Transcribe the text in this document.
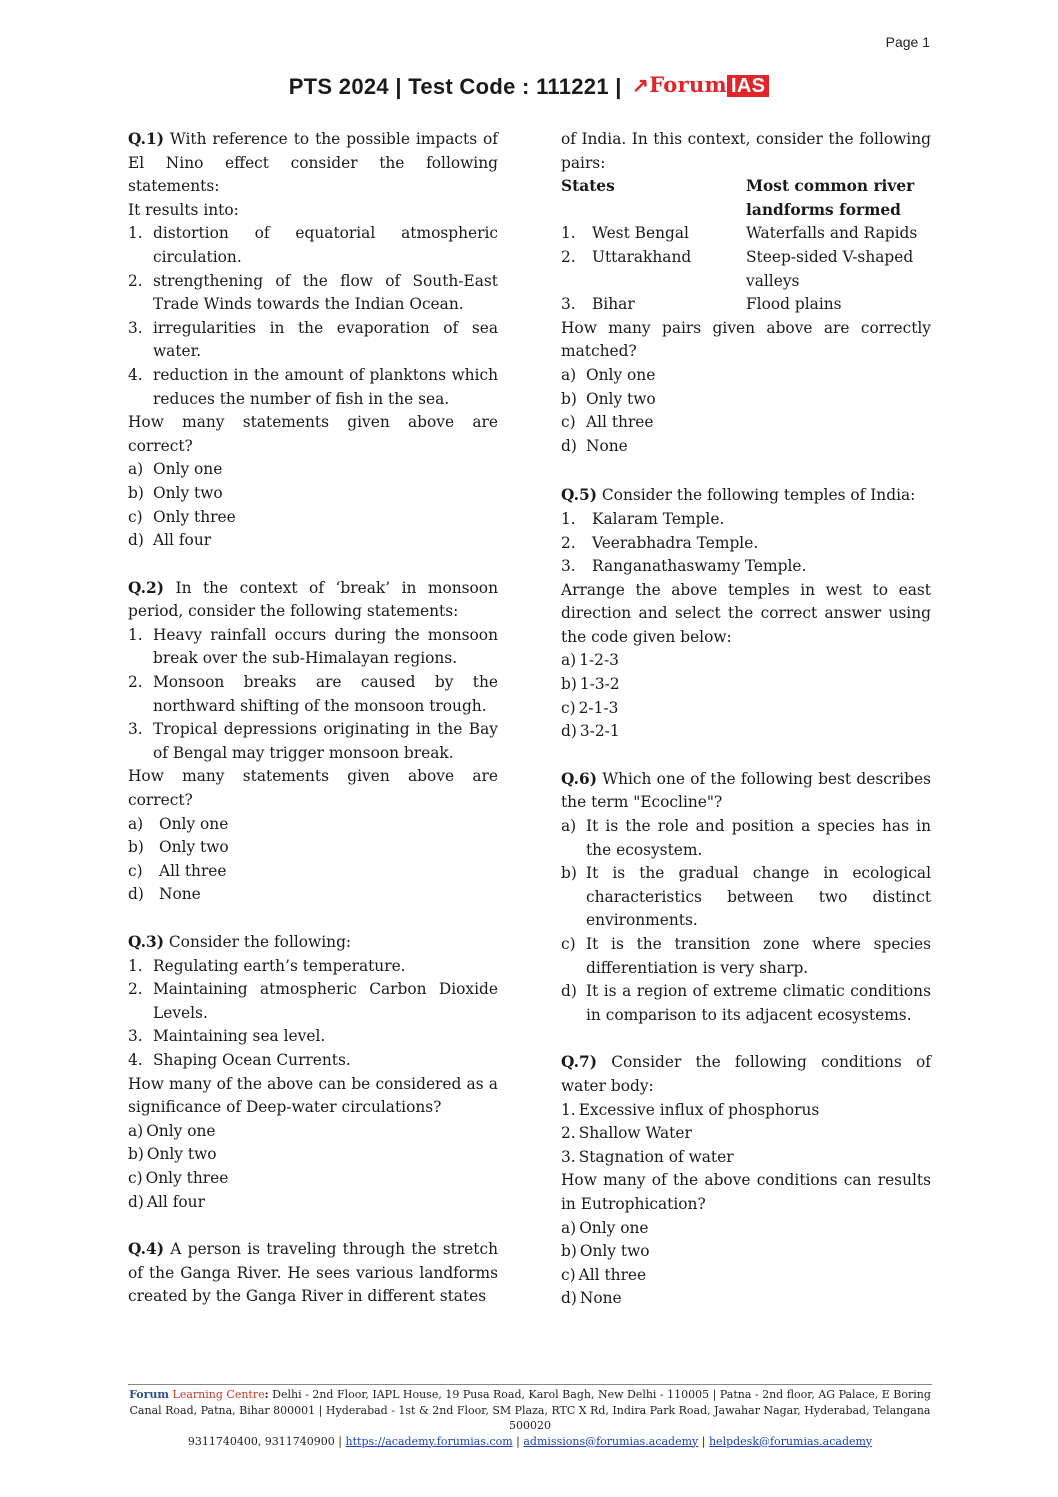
Page 1
PTS 2024 | Test Code : 111221 | ↗Forum IAS

Q.1) With reference to the possible impacts of El Nino effect consider the following statements:

It results into:

1. distortion of equatorial atmospheric circulation.
2. strengthening of the flow of South-East Trade Winds towards the Indian Ocean.
3. irregularities in the evaporation of sea water.
4. reduction in the amount of planktons which reduces the number of fish in the sea.

How many statements given above are correct?

a) Only one
b) Only two
c) Only three
d) All four

Q.2) In the context of ‘break’ in monsoon period, consider the following statements:

1. Heavy rainfall occurs during the monsoon break over the sub-Himalayan regions.
2. Monsoon breaks are caused by the northward shifting of the monsoon trough.
3. Tropical depressions originating in the Bay of Bengal may trigger monsoon break.

How many statements given above are correct?

a)	Only one
b) Only two
c)	All three
d) None

Q.3) Consider the following:

1. Regulating earth’s temperature.
2. Maintaining atmospheric Carbon Dioxide Levels.
3. Maintaining sea level.
4. Shaping Ocean Currents.

How many of the above can be considered as a significance of Deep-water circulations?

a) Only one
b) Only two
c) Only three
d) All four

Q.4) A person is traveling through the stretch of the Ganga River. He sees various landforms created by the Ganga River in different states

of India. In this context, consider the following pairs:

States	Most common river landforms formed
1.	West Bengal	Waterfalls and Rapids
2.	Uttarakhand	Steep-sided V-shaped valleys
3.	Bihar	Flood plains

How many pairs given above are correctly matched?

a) Only one
b) Only two
c) All three
d) None

Q.5) Consider the following temples of India:

1.	Kalaram Temple.
2.	Veerabhadra Temple.
3.	Ranganathaswamy Temple.

Arrange the above temples in west to east direction and select the correct answer using the code given below:

a) 1-2-3
b) 1-3-2
c) 2-1-3
d) 3-2-1

Q.6) Which one of the following best describes the term "Ecocline"?

a) It is the role and position a species has in the ecosystem.
b) It is the gradual change in ecological characteristics between two distinct environments.
c) It is the transition zone where species differentiation is very sharp.
d) It is a region of extreme climatic conditions in comparison to its adjacent ecosystems.

Q.7) Consider the following conditions of water body:

1. Excessive influx of phosphorus
2. Shallow Water
3. Stagnation of water

How many of the above conditions can results in Eutrophication?

a) Only one
b) Only two
c) All three
d) None
Forum Learning Centre: Delhi - 2nd Floor, IAPL House, 19 Pusa Road, Karol Bagh, New Delhi - 110005 | Patna - 2nd floor, AG Palace, E Boring Canal Road, Patna, Bihar 800001 | Hyderabad - 1st & 2nd Floor, SM Plaza, RTC X Rd, Indira Park Road, Jawahar Nagar, Hyderabad, Telangana 500020
9311740400, 9311740900 | https://academy.forumias.com | admissions@forumias.academy | helpdesk@forumias.academy
